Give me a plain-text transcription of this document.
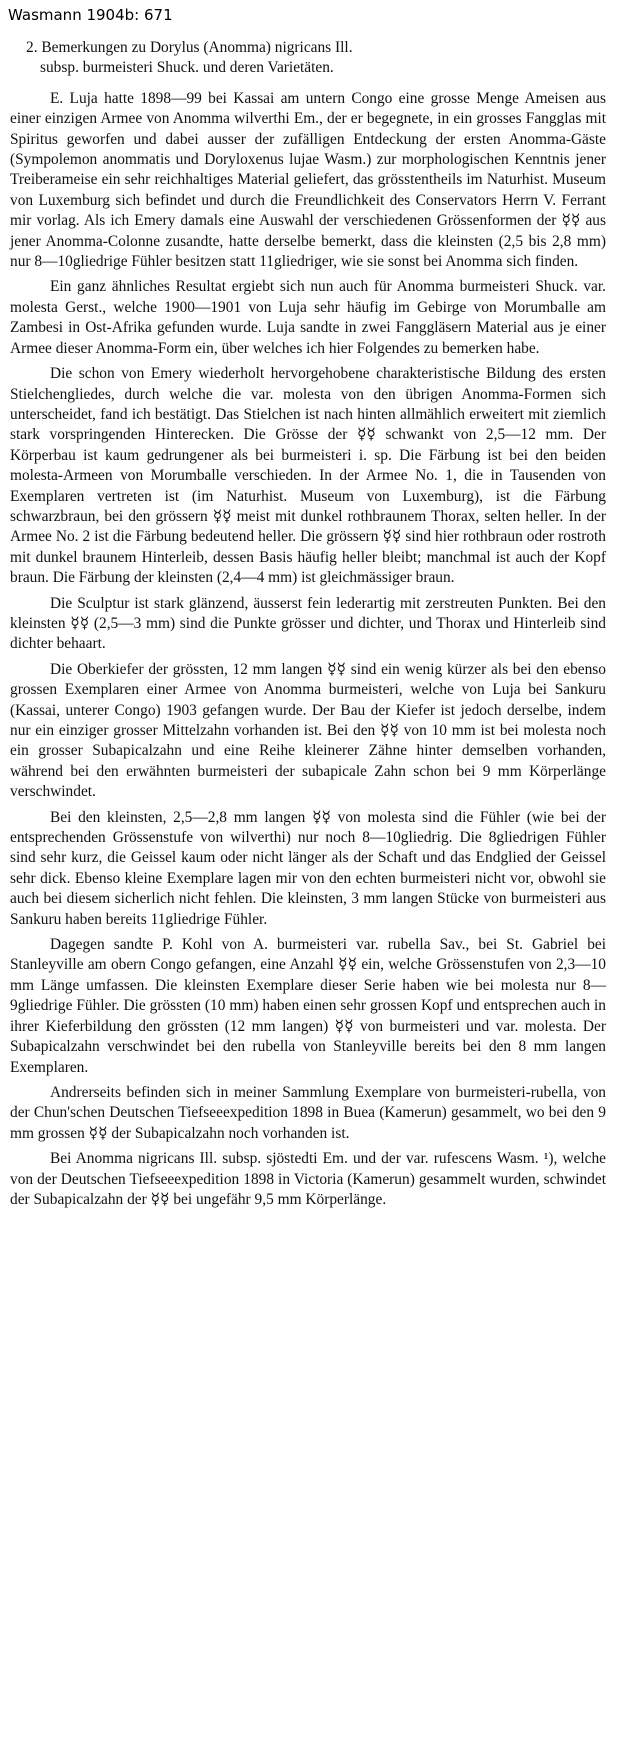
Wasmann 1904b: 671
2. Bemerkungen zu Dorylus (Anomma) nigricans Ill.
subsp. burmeisteri Shuck. und deren Varietäten.

E. Luja hatte 1898—99 bei Kassai am untern Congo eine grosse Menge Ameisen aus einer einzigen Armee von Anomma wilverthi Em., der er begegnete, in ein grosses Fangglas mit Spiritus geworfen und dabei ausser der zufälligen Entdeckung der ersten Anomma-Gäste (Sympolemon anommatis und Doryloxenus lujae Wasm.) zur morphologischen Kenntnis jener Treiberameise ein sehr reichhaltiges Material geliefert, das grösstentheils im Naturhist. Museum von Luxemburg sich befindet und durch die Freundlichkeit des Conservators Herrn V. Ferrant mir vorlag. Als ich Emery damals eine Auswahl der verschiedenen Grössenformen der ☿☿ aus jener Anomma-Colonne zusandte, hatte derselbe bemerkt, dass die kleinsten (2,5 bis 2,8 mm) nur 8—10gliedrige Fühler besitzen statt 11gliedriger, wie sie sonst bei Anomma sich finden.

Ein ganz ähnliches Resultat ergiebt sich nun auch für Anomma burmeisteri Shuck. var. molesta Gerst., welche 1900—1901 von Luja sehr häufig im Gebirge von Morumballe am Zambesi in Ost-Afrika gefunden wurde. Luja sandte in zwei Fanggläsern Material aus je einer Armee dieser Anomma-Form ein, über welches ich hier Folgendes zu bemerken habe.

Die schon von Emery wiederholt hervorgehobene charakteristische Bildung des ersten Stielchengliedes, durch welche die var. molesta von den übrigen Anomma-Formen sich unterscheidet, fand ich bestätigt. Das Stielchen ist nach hinten allmählich erweitert mit ziemlich stark vorspringenden Hinterecken. Die Grösse der ☿☿ schwankt von 2,5—12 mm. Der Körperbau ist kaum gedrungener als bei burmeisteri i. sp. Die Färbung ist bei den beiden molesta-Armeen von Morumballe verschieden. In der Armee No. 1, die in Tausenden von Exemplaren vertreten ist (im Naturhist. Museum von Luxemburg), ist die Färbung schwarzbraun, bei den grössern ☿☿ meist mit dunkel rothbraunem Thorax, selten heller. In der Armee No. 2 ist die Färbung bedeutend heller. Die grössern ☿☿ sind hier rothbraun oder rostroth mit dunkel braunem Hinterleib, dessen Basis häufig heller bleibt; manchmal ist auch der Kopf braun. Die Färbung der kleinsten (2,4—4 mm) ist gleichmässiger braun.

Die Sculptur ist stark glänzend, äusserst fein lederartig mit zerstreuten Punkten. Bei den kleinsten ☿☿ (2,5—3 mm) sind die Punkte grösser und dichter, und Thorax und Hinterleib sind dichter behaart.

Die Oberkiefer der grössten, 12 mm langen ☿☿ sind ein wenig kürzer als bei den ebenso grossen Exemplaren einer Armee von Anomma burmeisteri, welche von Luja bei Sankuru (Kassai, unterer Congo) 1903 gefangen wurde. Der Bau der Kiefer ist jedoch derselbe, indem nur ein einziger grosser Mittelzahn vorhanden ist. Bei den ☿☿ von 10 mm ist bei molesta noch ein grosser Subapicalzahn und eine Reihe kleinerer Zähne hinter demselben vorhanden, während bei den erwähnten burmeisteri der subapicale Zahn schon bei 9 mm Körperlänge verschwindet.

Bei den kleinsten, 2,5—2,8 mm langen ☿☿ von molesta sind die Fühler (wie bei der entsprechenden Grössenstufe von wilverthi) nur noch 8—10gliedrig. Die 8gliedrigen Fühler sind sehr kurz, die Geissel kaum oder nicht länger als der Schaft und das Endglied der Geissel sehr dick. Ebenso kleine Exemplare lagen mir von den echten burmeisteri nicht vor, obwohl sie auch bei diesem sicherlich nicht fehlen. Die kleinsten, 3 mm langen Stücke von burmeisteri aus Sankuru haben bereits 11gliedrige Fühler.

Dagegen sandte P. Kohl von A. burmeisteri var. rubella Sav., bei St. Gabriel bei Stanleyville am obern Congo gefangen, eine Anzahl ☿☿ ein, welche Grössenstufen von 2,3—10 mm Länge umfassen. Die kleinsten Exemplare dieser Serie haben wie bei molesta nur 8—9gliedrige Fühler. Die grössten (10 mm) haben einen sehr grossen Kopf und entsprechen auch in ihrer Kieferbildung den grössten (12 mm langen) ☿☿ von burmeisteri und var. molesta. Der Subapicalzahn verschwindet bei den rubella von Stanleyville bereits bei den 8 mm langen Exemplaren.

Andrerseits befinden sich in meiner Sammlung Exemplare von burmeisteri-rubella, von der Chun'schen Deutschen Tiefseeexpedition 1898 in Buea (Kamerun) gesammelt, wo bei den 9 mm grossen ☿☿ der Subapicalzahn noch vorhanden ist.

Bei Anomma nigricans Ill. subsp. sjöstedti Em. und der var. rufescens Wasm. ¹), welche von der Deutschen Tiefseeexpedition 1898 in Victoria (Kamerun) gesammelt wurden, schwindet der Subapicalzahn der ☿☿ bei ungefähr 9,5 mm Körperlänge.
